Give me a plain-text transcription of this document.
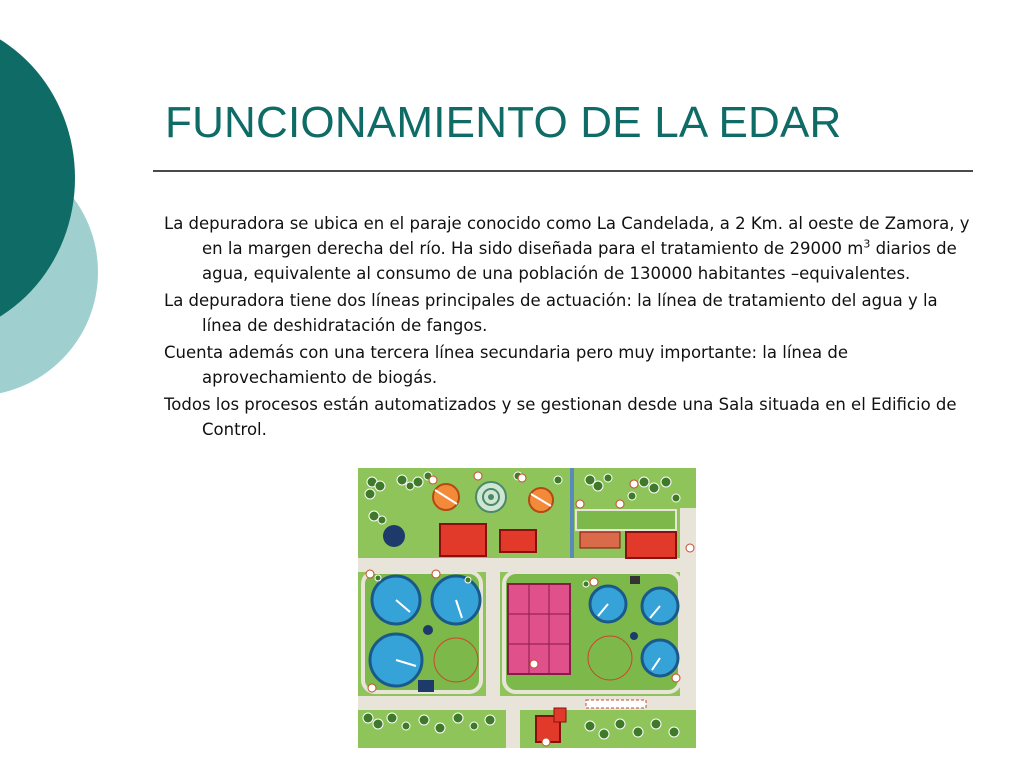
FUNCIONAMIENTO DE LA EDAR

La depuradora se ubica en el paraje conocido como La Candelada, a 2 Km. al oeste de Zamora, y en la margen derecha del río. Ha sido diseñada para el tratamiento de 29000 $m^3$ diarios de agua, equivalente al consumo de una población de 130000 habitantes –equivalentes.

La depuradora tiene dos líneas principales de actuación: la línea de tratamiento del agua y la línea de deshidratación de fangos.

Cuenta además con una tercera línea secundaria pero muy importante: la línea de aprovechamiento de biogás.

Todos los procesos están automatizados y se gestionan desde una Sala situada en el Edificio de Control.
